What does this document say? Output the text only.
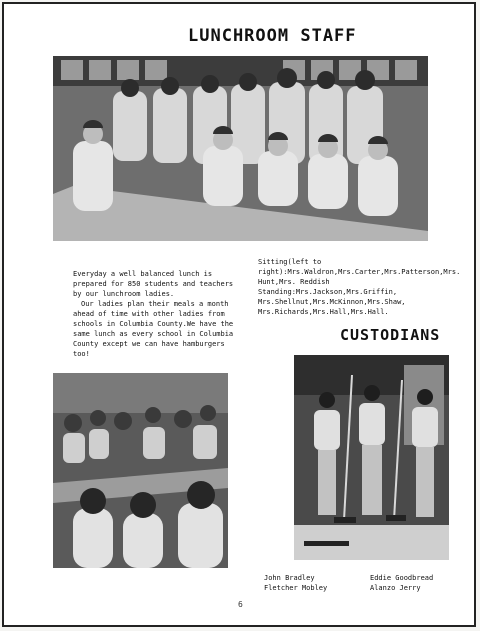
LUNCHROOM STAFF

Everyday a well balanced lunch is prepared for 850 students and teachers by our lunchroom ladies.

Our ladies plan their meals a month ahead of time with other ladies from schools in Columbia County.We have the same lunch as every school in Columbia County except we can have hamburgers too!

Sitting(left to right):Mrs.Waldron,Mrs.Carter,Mrs.Patterson,Mrs. Hunt,Mrs. Reddish

Standing:Mrs.Jackson,Mrs.Griffin, Mrs.Shellnut,Mrs.McKinnon,Mrs.Shaw, Mrs.Richards,Mrs.Hall,Mrs.Hall.

CUSTODIANS
John Bradley
Fletcher Mobley
Eddie Goodbread
Alanzo Jerry
6
